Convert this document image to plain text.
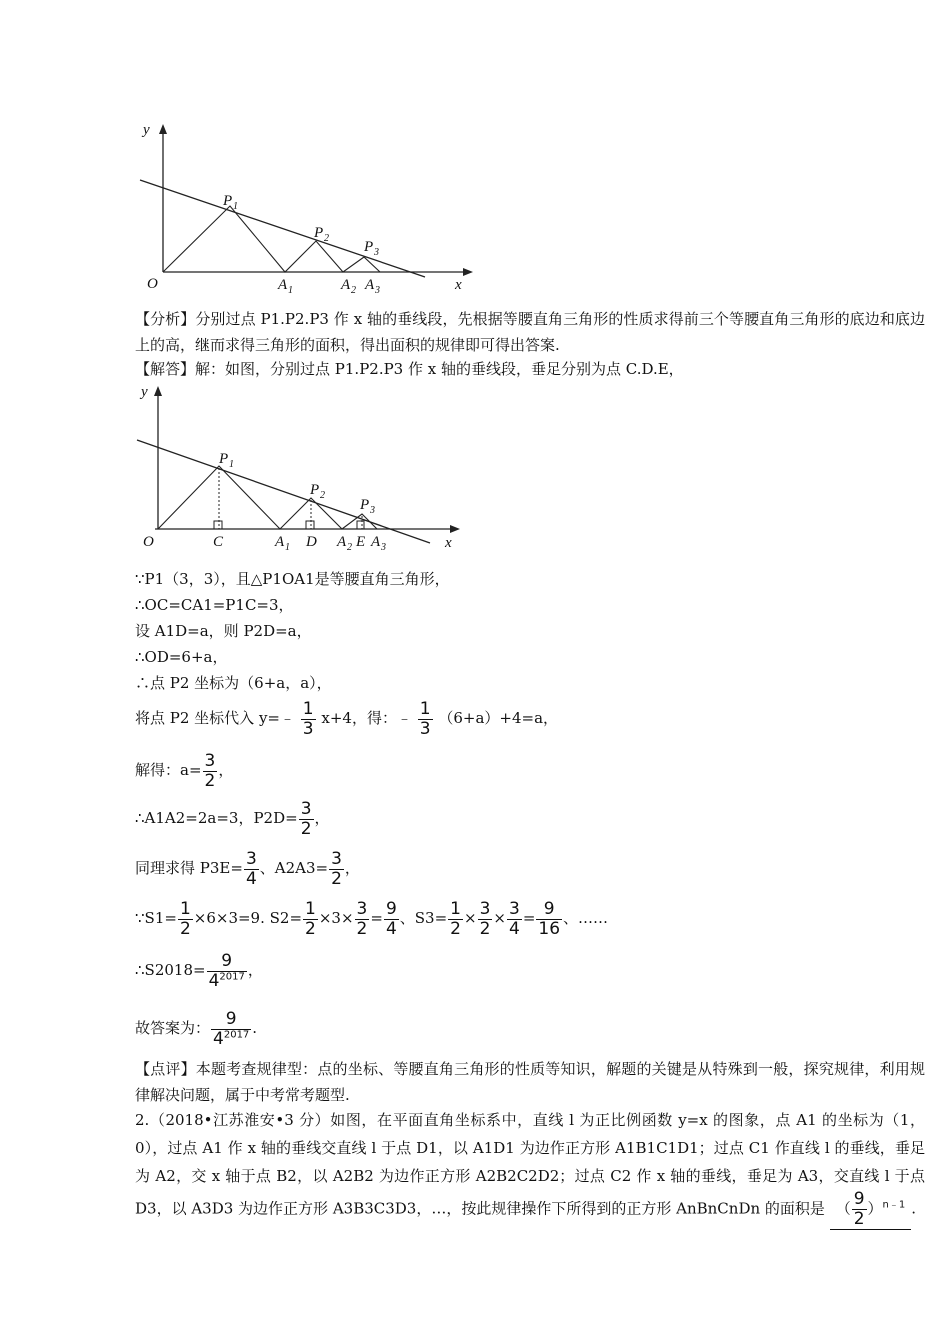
y
x
O
P 1
P 2
P 3
A 1	A 2 A 3
【分析】分别过点 P1.P2.P3 作 x 轴的垂线段，先根据等腰直角三角形的性质求得前三个等腰直角三角形的底边和底边上的高，继而求得三角形的面积，得出面积的规律即可得出答案.
【解答】解：如图，分别过点 P1.P2.P3 作 x 轴的垂线段，垂足分别为点 C.D.E，
y
x
O	C	D	E
P 1
P 2
P 3
A 1	A 2 A 3
∵P1（3，3），且△P1OA1是等腰直角三角形，
∴OC=CA1=P1C=3，
设 A1D=a，则 P2D=a，
∴OD=6+a，
∴点 P2 坐标为（6+a，a），
将点 P2 坐标代入 y=﹣ $\frac{1}{3} x+4$，得：﹣ $\frac{1}{3} (6+a)+4=a$，
解得：$a= \frac{3}{2}$ ，
∴A1A2=2a=3，$P2D= \frac{3}{2}$ ，
同理求得 $P3E= \frac{3}{4}$ 、$A2A3= \frac{3}{2}$ ，
∵S1= $\frac{1}{2} \times 6\times 3=9$. $S2= \frac{1}{2} \times 3\times \frac{3}{2} = \frac{9}{4}$ 、$S3= \frac{1}{2} \times \frac{3}{2} \times \frac{3}{4} = \frac{9}{16}$ 、……
∴S2018= $\frac{9}{4^{2017}}$ ，
故答案为： $\frac{9}{4^{2017}}$ .
【点评】本题考查规律型：点的坐标、等腰直角三角形的性质等知识，解题的关键是从特殊到一般，探究规律，利用规律解决问题，属于中考常考题型.
2.（2018•江苏淮安•3 分）如图，在平面直角坐标系中，直线 l 为正比例函数 y=x 的图象，点 A1 的坐标为（1，0），过点 A1 作 x 轴的垂线交直线 l 于点 D1，以 A1D1 为边作正方形 A1B1C1D1；过点 C1 作直线 l 的垂线，垂足为 A2，交 x 轴于点 B2，以 A2B2 为边作正方形 A2B2C2D2；过点 C2 作 x 轴的垂线，垂足为 A3，交直线 l 于点 D3，以 A3D3 为边作正方形 A3B3C3D3，…，按此规律操作下所得到的正方形 AnBnCnDn 的面积是 （ $\frac{9}{2} )^{n﹣1}$ .
